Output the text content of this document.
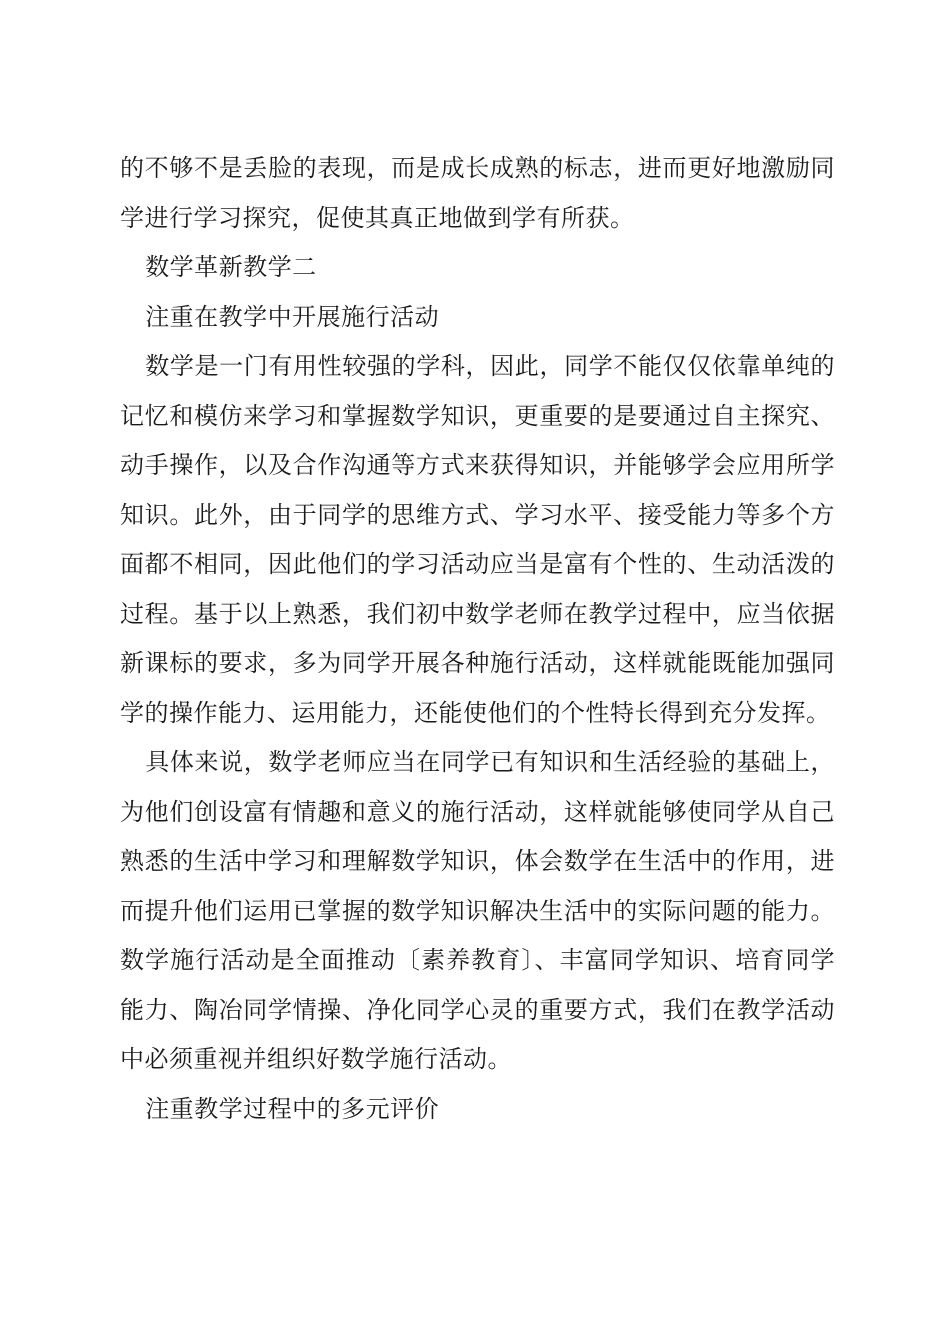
的不够不是丢脸的表现，而是成长成熟的标志，进而更好地激励同学进行学习探究，促使其真正地做到学有所获。

数学革新教学二

注重在教学中开展施行活动

数学是一门有用性较强的学科，因此，同学不能仅仅依靠单纯的记忆和模仿来学习和掌握数学知识，更重要的是要通过自主探究、动手操作，以及合作沟通等方式来获得知识，并能够学会应用所学知识。此外，由于同学的思维方式、学习水平、接受能力等多个方面都不相同，因此他们的学习活动应当是富有个性的、生动活泼的过程。基于以上熟悉，我们初中数学老师在教学过程中，应当依据新课标的要求，多为同学开展各种施行活动，这样就能既能加强同学的操作能力、运用能力，还能使他们的个性特长得到充分发挥。

具体来说，数学老师应当在同学已有知识和生活经验的基础上，为他们创设富有情趣和意义的施行活动，这样就能够使同学从自己熟悉的生活中学习和理解数学知识，体会数学在生活中的作用，进而提升他们运用已掌握的数学知识解决生活中的实际问题的能力。数学施行活动是全面推动〔素养教育〕、丰富同学知识、培育同学能力、陶冶同学情操、净化同学心灵的重要方式，我们在教学活动中必须重视并组织好数学施行活动。

注重教学过程中的多元评价
